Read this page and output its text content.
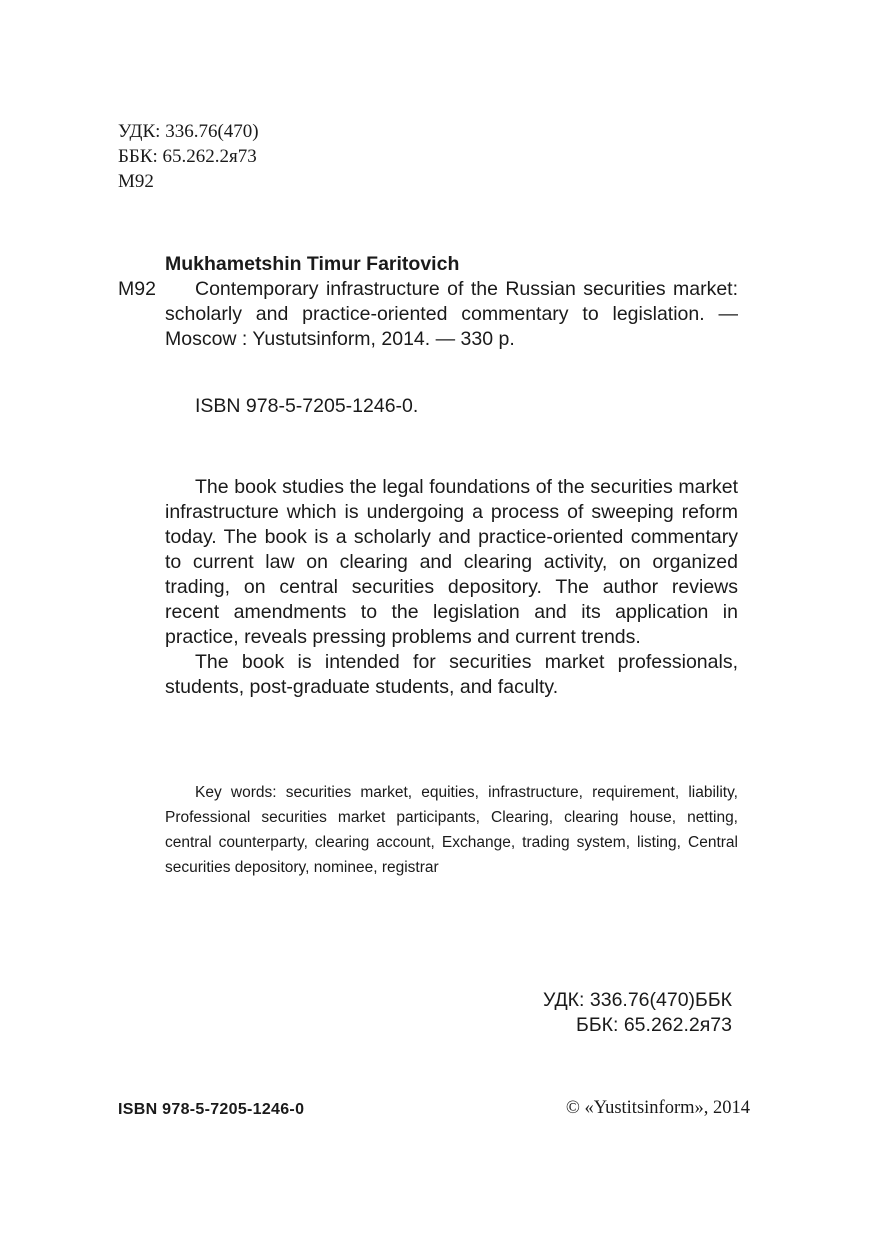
УДК: 336.76(470)
ББК: 65.262.2я73
М92
Mukhametshin Timur Faritovich
М92	Contemporary infrastructure of the Russian securities market: scholarly and practice-oriented commentary to legislation. — Moscow : Yustutsinform, 2014. — 330 p.
ISBN 978-5-7205-1246-0.

The book studies the legal foundations of the securities market infrastructure which is undergoing a process of sweeping reform today. The book is a scholarly and practice-oriented commentary to current law on clearing and clearing activity, on organized trading, on central securities depository. The author reviews recent amendments to the legislation and its application in practice, reveals pressing problems and current trends.

The book is intended for securities market professionals, students, post-graduate students, and faculty.

Key words: securities market, equities, infrastructure, requirement, liability, Professional securities market participants, Clearing, clearing house, netting, central counterparty, clearing account, Exchange, trading system, listing, Central securities depository, nominee, registrar
УДК: 336.76(470)ББК
ББК: 65.262.2я73
ISBN 978-5-7205-1246-0	© «Yustitsinform», 2014
